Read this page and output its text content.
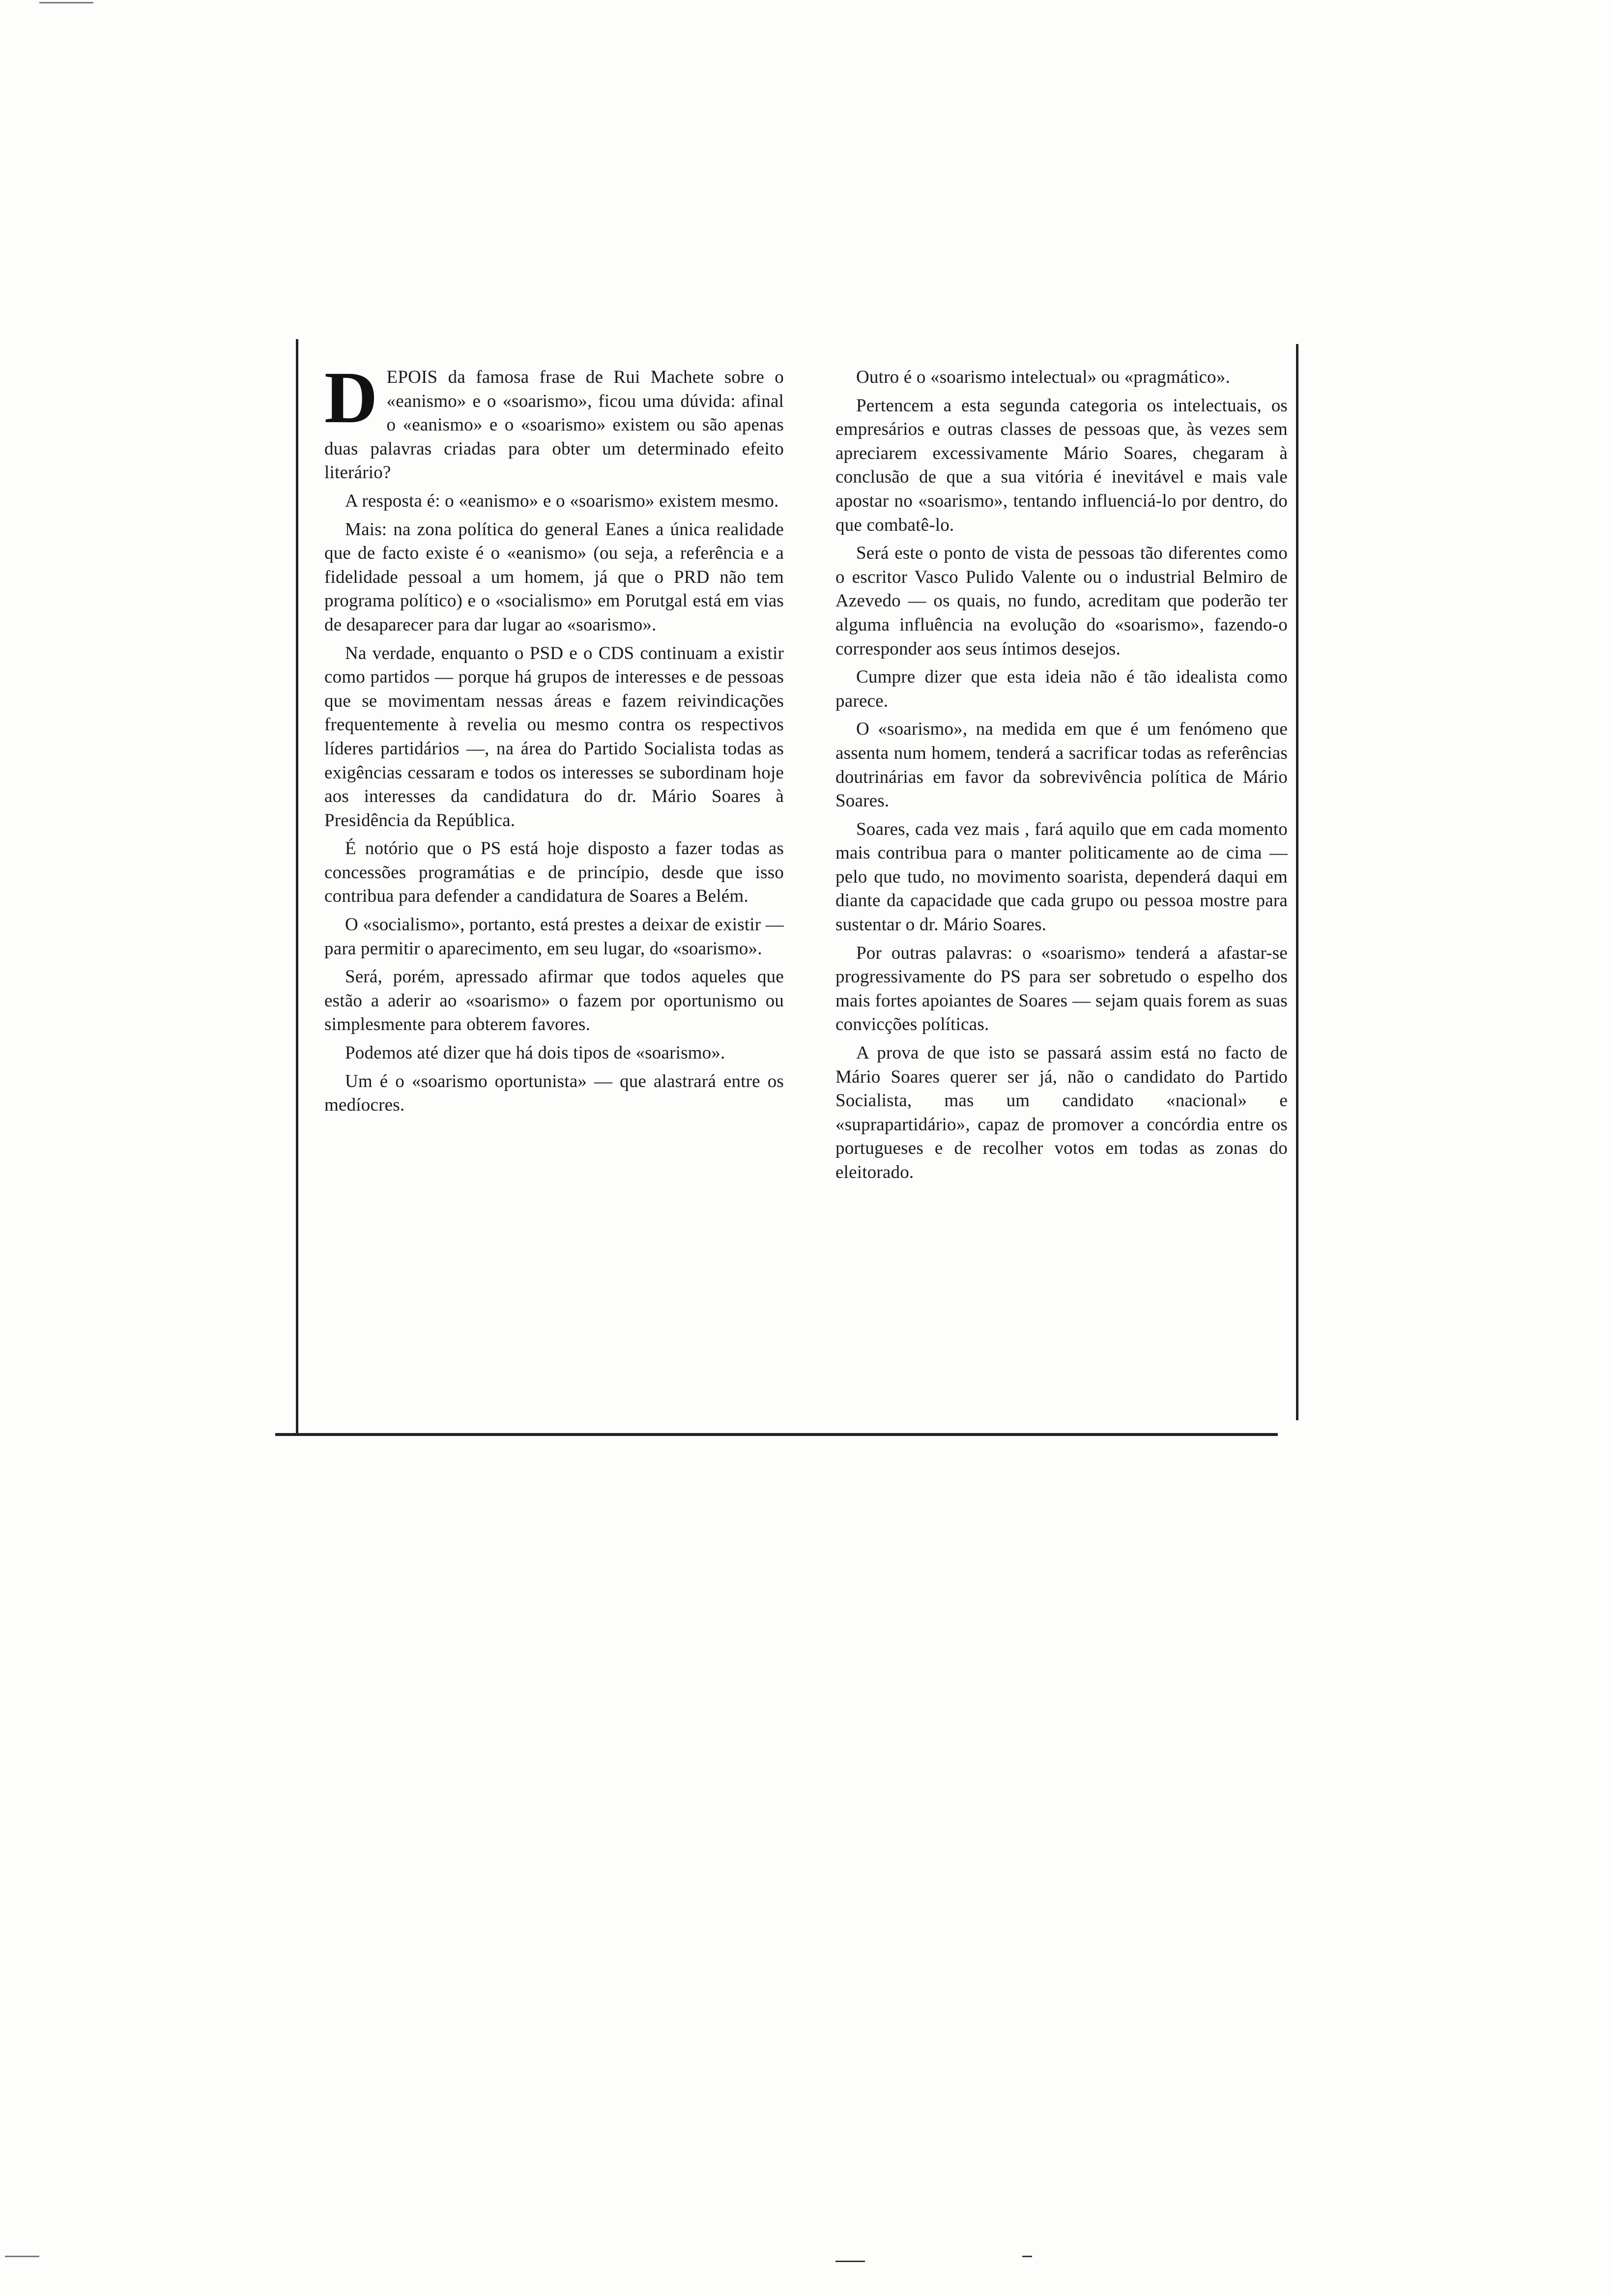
DEPOIS da famosa frase de Rui Machete sobre o «eanismo» e o «soarismo», ficou uma dúvida: afinal o «eanismo» e o «soarismo» existem ou são apenas duas palavras criadas para obter um determinado efeito literário?

A resposta é: o «eanismo» e o «soarismo» existem mesmo.

Mais: na zona política do general Eanes a única realidade que de facto existe é o «eanismo» (ou seja, a referência e a fidelidade pessoal a um homem, já que o PRD não tem programa político) e o «socialismo» em Porutgal está em vias de desaparecer para dar lugar ao «soarismo».

Na verdade, enquanto o PSD e o CDS continuam a existir como partidos — porque há grupos de interesses e de pessoas que se movimentam nessas áreas e fazem reivindicações frequentemente à revelia ou mesmo contra os respectivos líderes partidários —, na área do Partido Socialista todas as exigências cessaram e todos os interesses se subordinam hoje aos interesses da candidatura do dr. Mário Soares à Presidência da República.

É notório que o PS está hoje disposto a fazer todas as concessões programátias e de princípio, desde que isso contribua para defender a candidatura de Soares a Belém.

O «socialismo», portanto, está prestes a deixar de existir — para permitir o aparecimento, em seu lugar, do «soarismo».

Será, porém, apressado afirmar que todos aqueles que estão a aderir ao «soarismo» o fazem por oportunismo ou simplesmente para obterem favores.

Podemos até dizer que há dois tipos de «soarismo».

Um é o «soarismo oportunista» — que alastrará entre os medíocres.

Outro é o «soarismo intelectual» ou «pragmático».

Pertencem a esta segunda categoria os intelectuais, os empresários e outras classes de pessoas que, às vezes sem apreciarem excessivamente Mário Soares, chegaram à conclusão de que a sua vitória é inevitável e mais vale apostar no «soarismo», tentando influenciá-lo por dentro, do que combatê-lo.

Será este o ponto de vista de pessoas tão diferentes como o escritor Vasco Pulido Valente ou o industrial Belmiro de Azevedo — os quais, no fundo, acreditam que poderão ter alguma influência na evolução do «soarismo», fazendo-o corresponder aos seus íntimos desejos.

Cumpre dizer que esta ideia não é tão idealista como parece.

O «soarismo», na medida em que é um fenómeno que assenta num homem, tenderá a sacrificar todas as referências doutrinárias em favor da sobrevivência política de Mário Soares.

Soares, cada vez mais , fará aquilo que em cada momento mais contribua para o manter politicamente ao de cima — pelo que tudo, no movimento soarista, dependerá daqui em diante da capacidade que cada grupo ou pessoa mostre para sustentar o dr. Mário Soares.

Por outras palavras: o «soarismo» tenderá a afastar-se progressivamente do PS para ser sobretudo o espelho dos mais fortes apoiantes de Soares — sejam quais forem as suas convicções políticas.

A prova de que isto se passará assim está no facto de Mário Soares querer ser já, não o candidato do Partido Socialista, mas um candidato «nacional» e «suprapartidário», capaz de promover a concórdia entre os portugueses e de recolher votos em todas as zonas do eleitorado.
